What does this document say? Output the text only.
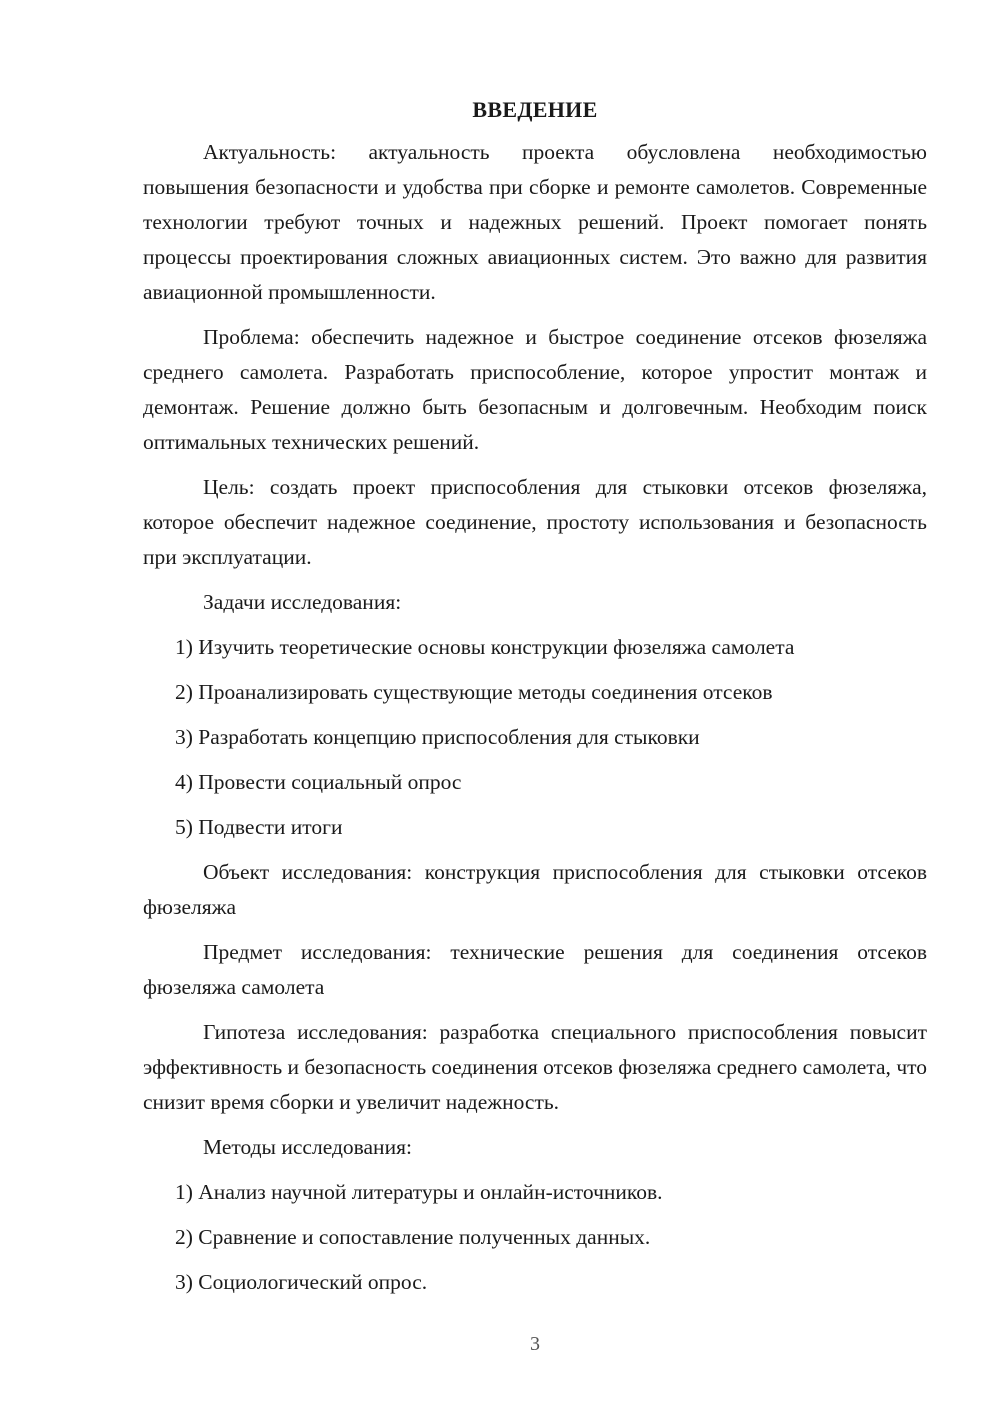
ВВЕДЕНИЕ

Актуальность: актуальность проекта обусловлена необходимостью повышения безопасности и удобства при сборке и ремонте самолетов. Современные технологии требуют точных и надежных решений. Проект помогает понять процессы проектирования сложных авиационных систем. Это важно для развития авиационной промышленности.

Проблема: обеспечить надежное и быстрое соединение отсеков фюзеляжа среднего самолета. Разработать приспособление, которое упростит монтаж и демонтаж. Решение должно быть безопасным и долговечным. Необходим поиск оптимальных технических решений.

Цель: создать проект приспособления для стыковки отсеков фюзеляжа, которое обеспечит надежное соединение, простоту использования и безопасность при эксплуатации.

Задачи исследования:

1) Изучить теоретические основы конструкции фюзеляжа самолета
2) Проанализировать существующие методы соединения отсеков
3) Разработать концепцию приспособления для стыковки
4) Провести социальный опрос
5) Подвести итоги

Объект исследования: конструкция приспособления для стыковки отсеков фюзеляжа

Предмет исследования: технические решения для соединения отсеков фюзеляжа самолета

Гипотеза исследования: разработка специального приспособления повысит эффективность и безопасность соединения отсеков фюзеляжа среднего самолета, что снизит время сборки и увеличит надежность.

Методы исследования:

1) Анализ научной литературы и онлайн-источников.
2) Сравнение и сопоставление полученных данных.
3) Социологический опрос.
3
